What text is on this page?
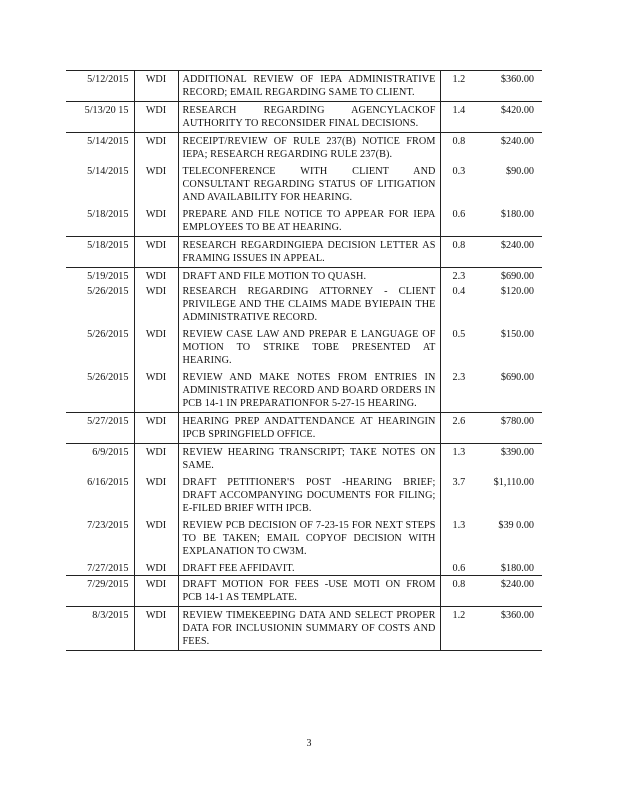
5/12/2015	WDI	ADDITIONAL REVIEW OF IEPA ADMINISTRATIVE RECORD; EMAIL REGARDING SAME TO CLIENT.	1.2	$360.00
5/13/20 15	WDI	RESEARCH REGARDING AGENCYLACKOF AUTHORITY TO RECONSIDER FINAL DECISIONS.	1.4	$420.00
5/14/2015	WDI	RECEIPT/REVIEW OF RULE 237(B) NOTICE FROM IEPA; RESEARCH REGARDING RULE 237(B).	0.8	$240.00
5/14/2015	WDI	TELECONFERENCE WITH CLIENT AND CONSULTANT REGARDING STATUS OF LITIGATION AND AVAILABILITY FOR HEARING.	0.3	$90.00
5/18/2015	WDI	PREPARE AND FILE NOTICE TO APPEAR FOR IEPA EMPLOYEES TO BE AT HEARING.	0.6	$180.00
5/18/2015	WDI	RESEARCH REGARDINGIEPA DECISION LETTER AS FRAMING ISSUES IN APPEAL.	0.8	$240.00
5/19/2015	WDI	DRAFT AND FILE MOTION TO QUASH.	2.3	$690.00
5/26/2015	WDI	RESEARCH REGARDING ATTORNEY - CLIENT PRIVILEGE AND THE CLAIMS MADE BYIEPAIN THE ADMINISTRATIVE RECORD.	0.4	$120.00
5/26/2015	WDI	REVIEW CASE LAW AND PREPAR E LANGUAGE OF MOTION TO STRIKE TOBE PRESENTED AT HEARING.	0.5	$150.00
5/26/2015	WDI	REVIEW AND MAKE NOTES FROM ENTRIES IN ADMINISTRATIVE RECORD AND BOARD ORDERS IN PCB 14-1 IN PREPARATIONFOR 5-27-15 HEARING.	2.3	$690.00
5/27/2015	WDI	HEARING PREP ANDATTENDANCE AT HEARINGIN IPCB SPRINGFIELD OFFICE.	2.6	$780.00
6/9/2015	WDI	REVIEW HEARING TRANSCRIPT; TAKE NOTES ON SAME.	1.3	$390.00
6/16/2015	WDI	DRAFT PETITIONER'S POST -HEARING BRIEF; DRAFT ACCOMPANYING DOCUMENTS FOR FILING; E-FILED BRIEF WITH IPCB.	3.7	$1,110.00
7/23/2015	WDI	REVIEW PCB DECISION OF 7-23-15 FOR NEXT STEPS TO BE TAKEN; EMAIL COPYOF DECISION WITH EXPLANATION TO CW3M.	1.3	$39 0.00
7/27/2015	WDI	DRAFT FEE AFFIDAVIT.	0.6	$180.00
7/29/2015	WDI	DRAFT MOTION FOR FEES -USE MOTI ON FROM PCB 14-1 AS TEMPLATE.	0.8	$240.00
8/3/2015	WDI	REVIEW TIMEKEEPING DATA AND SELECT PROPER DATA FOR INCLUSIONIN SUMMARY OF COSTS AND FEES.	1.2	$360.00
3
